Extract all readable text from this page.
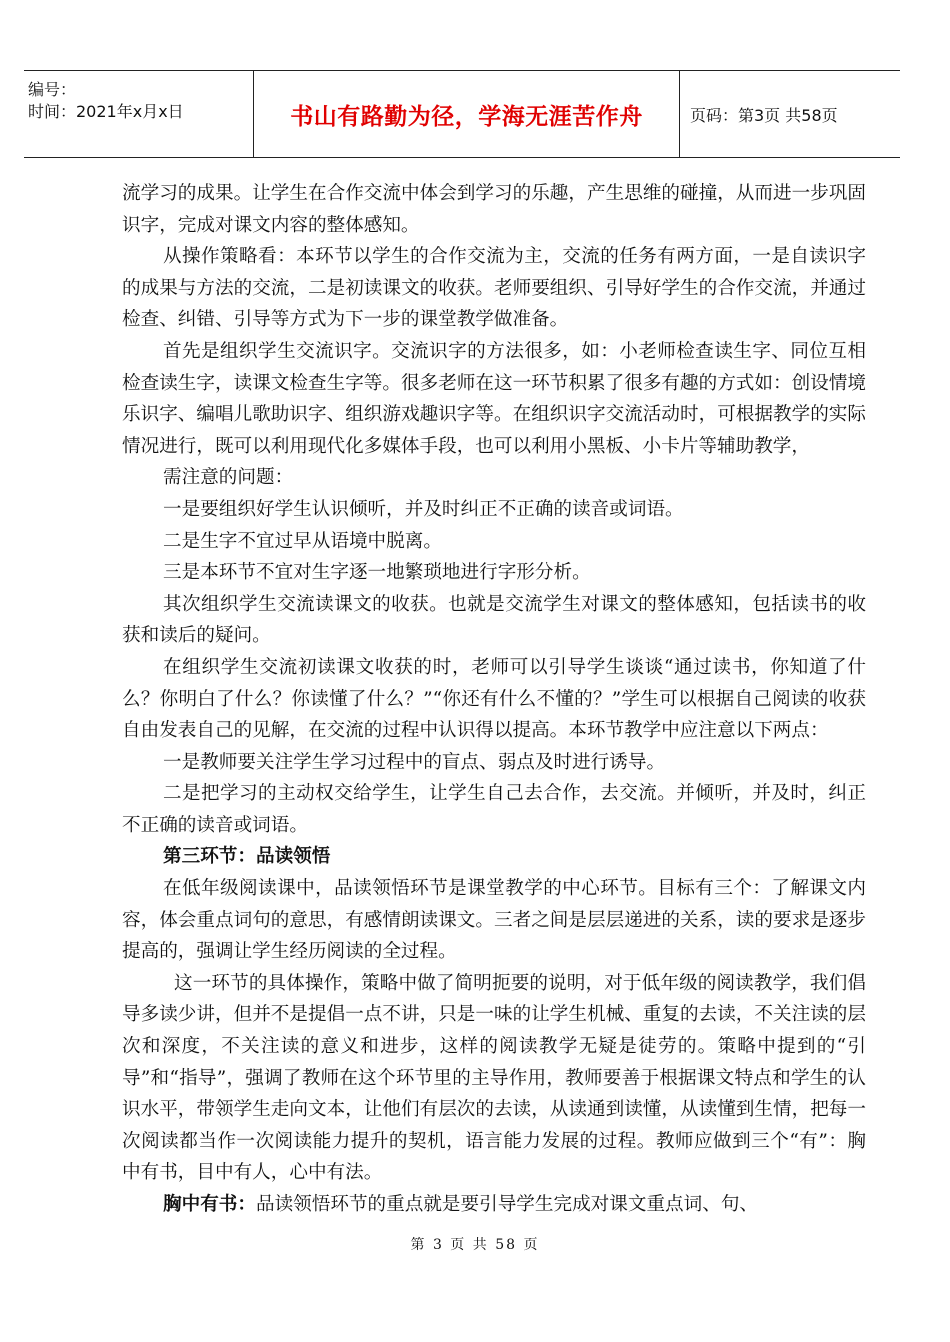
编号：
时间：2021年x月x日	书山有路勤为径，学海无涯苦作舟	页码：第3页 共58页

流学习的成果。让学生在合作交流中体会到学习的乐趣，产生思维的碰撞，从而进一步巩固识字，完成对课文内容的整体感知。

从操作策略看：本环节以学生的合作交流为主，交流的任务有两方面，一是自读识字的成果与方法的交流，二是初读课文的收获。老师要组织、引导好学生的合作交流，并通过检查、纠错、引导等方式为下一步的课堂教学做准备。

首先是组织学生交流识字。交流识字的方法很多，如：小老师检查读生字、同位互相检查读生字，读课文检查生字等。很多老师在这一环节积累了很多有趣的方式如：创设情境乐识字、编唱儿歌助识字、组织游戏趣识字等。在组织识字交流活动时，可根据教学的实际情况进行，既可以利用现代化多媒体手段，也可以利用小黑板、小卡片等辅助教学，

需注意的问题：

一是要组织好学生认识倾听，并及时纠正不正确的读音或词语。

二是生字不宜过早从语境中脱离。

三是本环节不宜对生字逐一地繁琐地进行字形分析。

其次组织学生交流读课文的收获。也就是交流学生对课文的整体感知，包括读书的收获和读后的疑问。

在组织学生交流初读课文收获的时，老师可以引导学生谈谈“通过读书，你知道了什么？你明白了什么？你读懂了什么？”“你还有什么不懂的？”学生可以根据自己阅读的收获自由发表自己的见解，在交流的过程中认识得以提高。本环节教学中应注意以下两点：

一是教师要关注学生学习过程中的盲点、弱点及时进行诱导。

二是把学习的主动权交给学生，让学生自己去合作，去交流。并倾听，并及时，纠正不正确的读音或词语。

第三环节：品读领悟

在低年级阅读课中，品读领悟环节是课堂教学的中心环节。目标有三个：了解课文内容，体会重点词句的意思，有感情朗读课文。三者之间是层层递进的关系，读的要求是逐步提高的，强调让学生经历阅读的全过程。

这一环节的具体操作，策略中做了简明扼要的说明，对于低年级的阅读教学，我们倡导多读少讲，但并不是提倡一点不讲，只是一味的让学生机械、重复的去读，不关注读的层次和深度，不关注读的意义和进步，这样的阅读教学无疑是徒劳的。策略中提到的“引导”和“指导”，强调了教师在这个环节里的主导作用，教师要善于根据课文特点和学生的认识水平，带领学生走向文本，让他们有层次的去读，从读通到读懂，从读懂到生情，把每一次阅读都当作一次阅读能力提升的契机，语言能力发展的过程。教师应做到三个“有”：胸中有书，目中有人，心中有法。

胸中有书：品读领悟环节的重点就是要引导学生完成对课文重点词、句、

第 3 页 共 58 页
